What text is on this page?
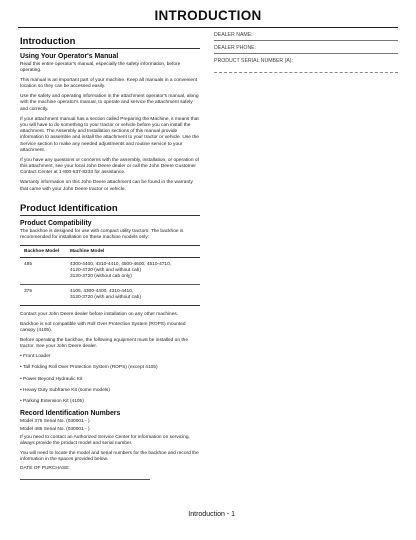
INTRODUCTION
Introduction
Using Your Operator's Manual

Read this entire operator's manual, especially the safety information, before operating.

This manual is an important part of your machine. Keep all manuals in a convenient location so they can be accessed easily.

Use the safety and operating information in the attachment operator's manual, along with the machine operator's manual, to operate and service the attachment safely and correctly.

If your attachment manual has a section called Preparing the Machine, it means that you will have to do something to your tractor or vehicle before you can install the attachment. The Assembly and Installation sections of this manual provide information to assemble and install the attachment to your tractor or vehicle. Use the Service section to make any needed adjustments and routine service to your attachment.

If you have any questions or concerns with the assembly, installation, or operation of this attachment, see your local John Deere dealer or call the John Deere Customer Contact Center at 1-800-537-8233 for assistance.

Warranty information on this John Deere attachment can be found in the warranty that came with your John Deere tractor or vehicle.

Product Identification
Product Compatibility

The backhoe is designed for use with compact utility tractors. The backhoe is recommended for installation on these machine models only:

Backhoe Model	Machine Model
485	4300-4400, 4310-4410, 4500-4600, 4510-4710,
4120-4720 (with and without cab)
3120-3720 (without cab only)

375	4105, 4300-4400, 4310-4410,
3120-3720 (with and without cab)

Contact your John Deere dealer before installation on any other machines.

Backhoe is not compatible with Roll Over Protection System (ROPS) mounted canopy (4105).

Before operating the backhoe, the following equipment must be installed on the tractor. See your John Deere dealer.

• Front Loader
• Tall Folding Roll Over Protection System (ROPS) (except 4105)
• Power Beyond Hydraulic Kit
• Heavy Duty Subframe Kit (some models)
• Parking Extension Kit (4105)
Record Identification Numbers

Model 375 Serial No. (030001 - )

Model 485 Serial No. (030001 - )

If you need to contact an Authorized Service Center for information on servicing, always provide the product model and serial number.

You will need to locate the model and serial numbers for the backhoe and record the information in the spaces provided below.

DATE OF PURCHASE:
DEALER NAME:
DEALER PHONE:
PRODUCT SERIAL NUMBER (A):
Introduction - 1
